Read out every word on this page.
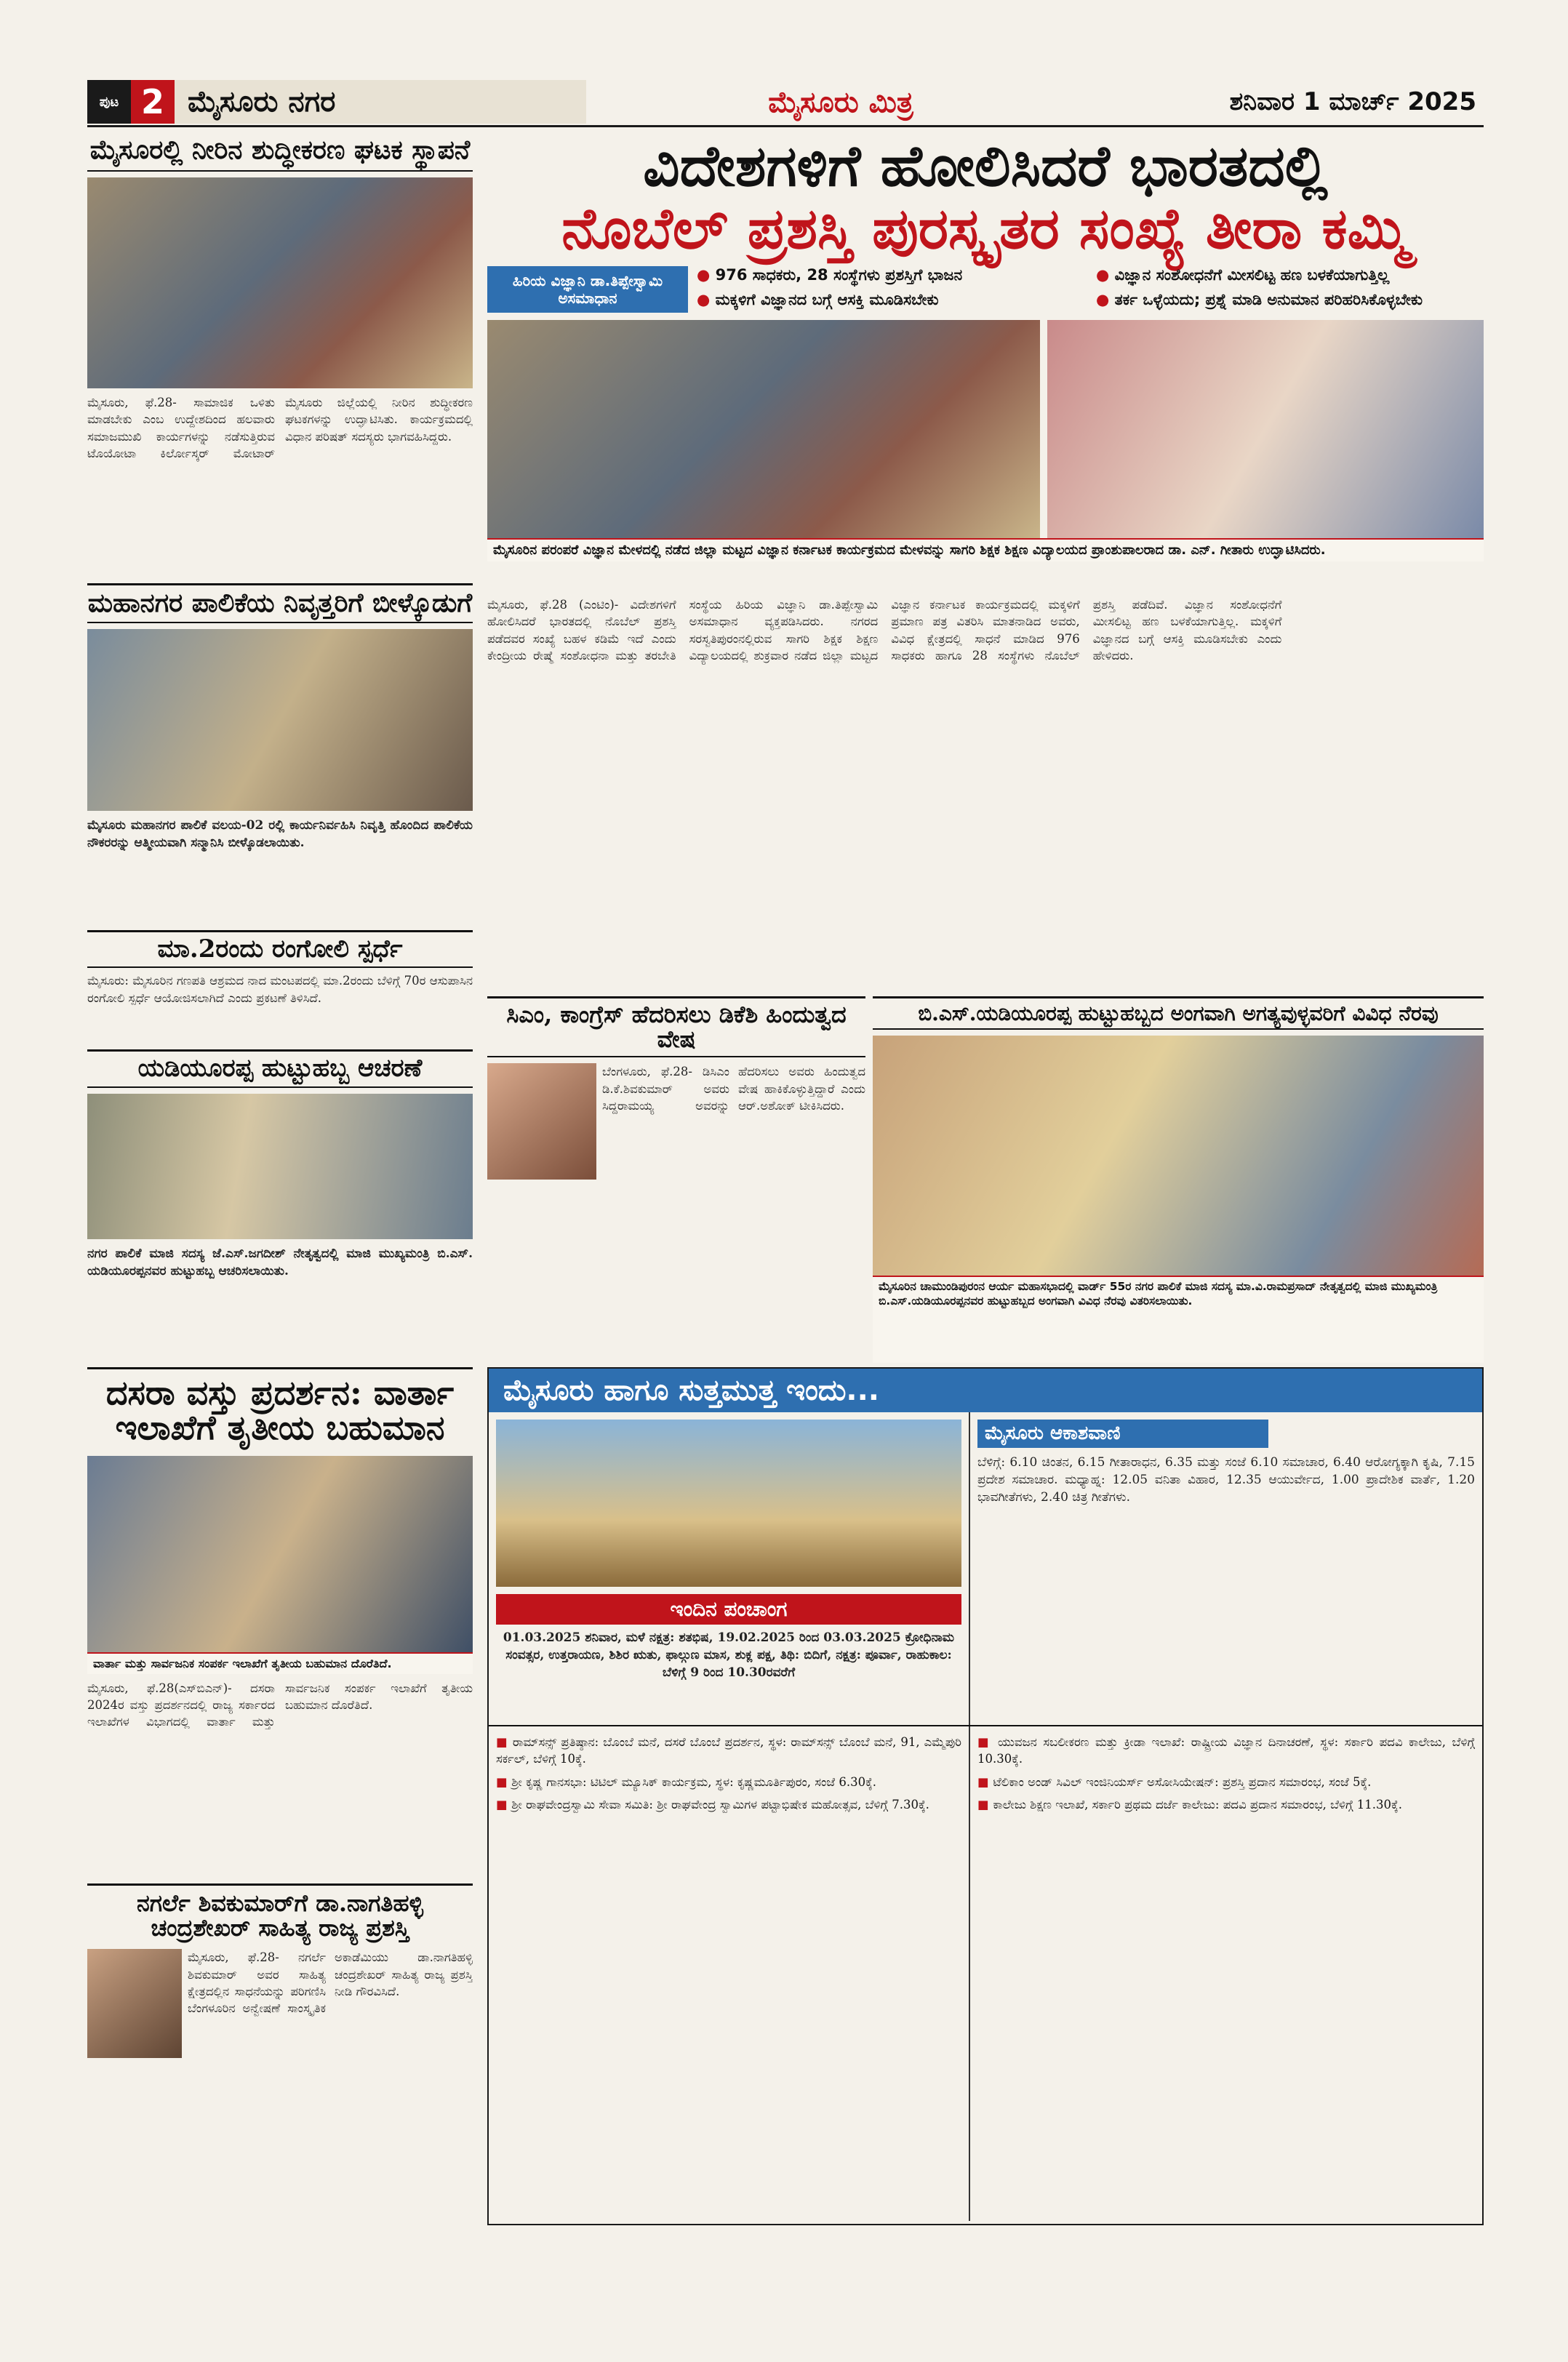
ಪುಟ 2 ಮೈಸೂರು ನಗರ	ಮೈಸೂರು ಮಿತ್ರ	ಶನಿವಾರ 1 ಮಾರ್ಚ್ 2025
ಮೈಸೂರಲ್ಲಿ ನೀರಿನ ಶುದ್ಧೀಕರಣ ಘಟಕ ಸ್ಥಾಪನೆ
ಮೈಸೂರು, ಫೆ.28- ಸಾಮಾಜಿಕ ಒಳಿತು ಮಾಡಬೇಕು ಎಂಬ ಉದ್ದೇಶದಿಂದ ಹಲವಾರು ಸಮಾಜಮುಖಿ ಕಾರ್ಯಗಳನ್ನು ನಡೆಸುತ್ತಿರುವ ಟೊಯೋಟಾ ಕಿರ್ಲೋಸ್ಕರ್ ಮೋಟಾರ್ ಮೈಸೂರು ಜಿಲ್ಲೆಯಲ್ಲಿ ನೀರಿನ ಶುದ್ಧೀಕರಣ ಘಟಕಗಳನ್ನು ಉದ್ಘಾಟಿಸಿತು. ಕಾರ್ಯಕ್ರಮದಲ್ಲಿ ವಿಧಾನ ಪರಿಷತ್ ಸದಸ್ಯರು ಭಾಗವಹಿಸಿದ್ದರು.
ಮಹಾನಗರ ಪಾಲಿಕೆಯ ನಿವೃತ್ತರಿಗೆ ಬೀಳ್ಕೊಡುಗೆ
ಮೈಸೂರು ಮಹಾನಗರ ಪಾಲಿಕೆ ವಲಯ-02 ರಲ್ಲಿ ಕಾರ್ಯನಿರ್ವಹಿಸಿ ನಿವೃತ್ತಿ ಹೊಂದಿದ ಪಾಲಿಕೆಯ ನೌಕರರನ್ನು ಆತ್ಮೀಯವಾಗಿ ಸನ್ಮಾನಿಸಿ ಬೀಳ್ಕೊಡಲಾಯಿತು.
ಮಾ.2ರಂದು ರಂಗೋಲಿ ಸ್ಪರ್ಧೆ
ಮೈಸೂರು: ಮೈಸೂರಿನ ಗಣಪತಿ ಆಶ್ರಮದ ನಾದ ಮಂಟಪದಲ್ಲಿ ಮಾ.2ರಂದು ಬೆಳಿಗ್ಗೆ 70ರ ಆಸುಪಾಸಿನ ರಂಗೋಲಿ ಸ್ಪರ್ಧೆ ಆಯೋಜಿಸಲಾಗಿದೆ ಎಂದು ಪ್ರಕಟಣೆ ತಿಳಿಸಿದೆ.
ಯಡಿಯೂರಪ್ಪ ಹುಟ್ಟುಹಬ್ಬ ಆಚರಣೆ
ನಗರ ಪಾಲಿಕೆ ಮಾಜಿ ಸದಸ್ಯ ಜೆ.ಎಸ್.ಜಗದೀಶ್ ನೇತೃತ್ವದಲ್ಲಿ ಮಾಜಿ ಮುಖ್ಯಮಂತ್ರಿ ಬಿ.ಎಸ್. ಯಡಿಯೂರಪ್ಪನವರ ಹುಟ್ಟುಹಬ್ಬ ಆಚರಿಸಲಾಯಿತು.
ವಿದೇಶಗಳಿಗೆ ಹೋಲಿಸಿದರೆ ಭಾರತದಲ್ಲಿ
ನೊಬೆಲ್ ಪ್ರಶಸ್ತಿ ಪುರಸ್ಕೃತರ ಸಂಖ್ಯೆ ತೀರಾ ಕಮ್ಮಿ
ಹಿರಿಯ ವಿಜ್ಞಾನಿ ಡಾ.ತಿಪ್ಪೇಸ್ವಾಮಿ ಅಸಮಾಧಾನ
● 976 ಸಾಧಕರು, 28 ಸಂಸ್ಥೆಗಳು ಪ್ರಶಸ್ತಿಗೆ ಭಾಜನ	● ವಿಜ್ಞಾನ ಸಂಶೋಧನೆಗೆ ಮೀಸಲಿಟ್ಟ ಹಣ ಬಳಕೆಯಾಗುತ್ತಿಲ್ಲ
● ಮಕ್ಕಳಿಗೆ ವಿಜ್ಞಾನದ ಬಗ್ಗೆ ಆಸಕ್ತಿ ಮೂಡಿಸಬೇಕು	● ತರ್ಕ ಒಳ್ಳೆಯದು; ಪ್ರಶ್ನೆ ಮಾಡಿ ಅನುಮಾನ ಪರಿಹರಿಸಿಕೊಳ್ಳಬೇಕು
ಮೈಸೂರಿನ ಪರಂಪರೆ ವಿಜ್ಞಾನ ಮೇಳದಲ್ಲಿ ನಡೆದ ಜಿಲ್ಲಾ ಮಟ್ಟದ ವಿಜ್ಞಾನ ಕರ್ನಾಟಕ ಕಾರ್ಯಕ್ರಮದ ಮೇಳವನ್ನು ಸಾಗರಿ ಶಿಕ್ಷಕ ಶಿಕ್ಷಣ ವಿದ್ಯಾಲಯದ ಪ್ರಾಂಶುಪಾಲರಾದ ಡಾ. ಎನ್. ಗೀತಾರು ಉದ್ಘಾಟಿಸಿದರು.
ಮೈಸೂರು, ಫೆ.28 (ಎಂಟಿಂ)- ವಿದೇಶಗಳಿಗೆ ಹೋಲಿಸಿದರೆ ಭಾರತದಲ್ಲಿ ನೊಬೆಲ್ ಪ್ರಶಸ್ತಿ ಪಡೆದವರ ಸಂಖ್ಯೆ ಬಹಳ ಕಡಿಮೆ ಇದೆ ಎಂದು ಕೇಂದ್ರೀಯ ರೇಷ್ಮೆ ಸಂಶೋಧನಾ ಮತ್ತು ತರಬೇತಿ ಸಂಸ್ಥೆಯ ಹಿರಿಯ ವಿಜ್ಞಾನಿ ಡಾ.ತಿಪ್ಪೇಸ್ವಾಮಿ ಅಸಮಾಧಾನ ವ್ಯಕ್ತಪಡಿಸಿದರು. ನಗರದ ಸರಸ್ವತಿಪುರಂನಲ್ಲಿರುವ ಸಾಗರಿ ಶಿಕ್ಷಕ ಶಿಕ್ಷಣ ವಿದ್ಯಾಲಯದಲ್ಲಿ ಶುಕ್ರವಾರ ನಡೆದ ಜಿಲ್ಲಾ ಮಟ್ಟದ ವಿಜ್ಞಾನ ಕರ್ನಾಟಕ ಕಾರ್ಯಕ್ರಮದಲ್ಲಿ ಮಕ್ಕಳಿಗೆ ಪ್ರಮಾಣ ಪತ್ರ ವಿತರಿಸಿ ಮಾತನಾಡಿದ ಅವರು, ವಿವಿಧ ಕ್ಷೇತ್ರದಲ್ಲಿ ಸಾಧನೆ ಮಾಡಿದ 976 ಸಾಧಕರು ಹಾಗೂ 28 ಸಂಸ್ಥೆಗಳು ನೊಬೆಲ್ ಪ್ರಶಸ್ತಿ ಪಡೆದಿವೆ. ವಿಜ್ಞಾನ ಸಂಶೋಧನೆಗೆ ಮೀಸಲಿಟ್ಟ ಹಣ ಬಳಕೆಯಾಗುತ್ತಿಲ್ಲ. ಮಕ್ಕಳಿಗೆ ವಿಜ್ಞಾನದ ಬಗ್ಗೆ ಆಸಕ್ತಿ ಮೂಡಿಸಬೇಕು ಎಂದು ಹೇಳಿದರು.
ಸಿಎಂ, ಕಾಂಗ್ರೆಸ್ ಹೆದರಿಸಲು ಡಿಕೆಶಿ ಹಿಂದುತ್ವದ ವೇಷ
ಬೆಂಗಳೂರು, ಫೆ.28- ಡಿಸಿಎಂ ಡಿ.ಕೆ.ಶಿವಕುಮಾರ್ ಅವರು ಸಿದ್ದರಾಮಯ್ಯ ಅವರನ್ನು ಹೆದರಿಸಲು ಅವರು ಹಿಂದುತ್ವದ ವೇಷ ಹಾಕಿಕೊಳ್ಳುತ್ತಿದ್ದಾರೆ ಎಂದು ಆರ್.ಅಶೋಕ್ ಟೀಕಿಸಿದರು.
ಬಿ.ಎಸ್.ಯಡಿಯೂರಪ್ಪ ಹುಟ್ಟುಹಬ್ಬದ ಅಂಗವಾಗಿ ಅಗತ್ಯವುಳ್ಳವರಿಗೆ ವಿವಿಧ ನೆರವು
ಮೈಸೂರಿನ ಚಾಮುಂಡಿಪುರಂನ ಆರ್ಯ ಮಹಾಸಭಾದಲ್ಲಿ ವಾರ್ಡ್ 55ರ ನಗರ ಪಾಲಿಕೆ ಮಾಜಿ ಸದಸ್ಯ ಮಾ.ವಿ.ರಾಮಪ್ರಸಾದ್ ನೇತೃತ್ವದಲ್ಲಿ ಮಾಜಿ ಮುಖ್ಯಮಂತ್ರಿ ಬಿ.ಎಸ್.ಯಡಿಯೂರಪ್ಪನವರ ಹುಟ್ಟುಹಬ್ಬದ ಅಂಗವಾಗಿ ವಿವಿಧ ನೆರವು ವಿತರಿಸಲಾಯಿತು.
ದಸರಾ ವಸ್ತು ಪ್ರದರ್ಶನ: ವಾರ್ತಾ
ಇಲಾಖೆಗೆ ತೃತೀಯ ಬಹುಮಾನ
ವಾರ್ತಾ ಮತ್ತು ಸಾರ್ವಜನಿಕ ಸಂಪರ್ಕ ಇಲಾಖೆಗೆ ತೃತೀಯ ಬಹುಮಾನ ದೊರೆತಿದೆ.
ಮೈಸೂರು, ಫೆ.28(ಎಸ್‌ಬಿಎನ್)- ದಸರಾ 2024ರ ವಸ್ತು ಪ್ರದರ್ಶನದಲ್ಲಿ ರಾಜ್ಯ ಸರ್ಕಾರದ ಇಲಾಖೆಗಳ ವಿಭಾಗದಲ್ಲಿ ವಾರ್ತಾ ಮತ್ತು ಸಾರ್ವಜನಿಕ ಸಂಪರ್ಕ ಇಲಾಖೆಗೆ ತೃತೀಯ ಬಹುಮಾನ ದೊರೆತಿದೆ.
ನಗರ್ಲೆ ಶಿವಕುಮಾರ್‌ಗೆ ಡಾ.ನಾಗತಿಹಳ್ಳಿ
ಚಂದ್ರಶೇಖರ್ ಸಾಹಿತ್ಯ ರಾಜ್ಯ ಪ್ರಶಸ್ತಿ
ಮೈಸೂರು, ಫೆ.28- ನಗರ್ಲೆ ಶಿವಕುಮಾರ್ ಅವರ ಸಾಹಿತ್ಯ ಕ್ಷೇತ್ರದಲ್ಲಿನ ಸಾಧನೆಯನ್ನು ಪರಿಗಣಿಸಿ ಬೆಂಗಳೂರಿನ ಅನ್ವೇಷಣೆ ಸಾಂಸ್ಕೃತಿಕ ಅಕಾಡೆಮಿಯು ಡಾ.ನಾಗತಿಹಳ್ಳಿ ಚಂದ್ರಶೇಖರ್ ಸಾಹಿತ್ಯ ರಾಜ್ಯ ಪ್ರಶಸ್ತಿ ನೀಡಿ ಗೌರವಿಸಿದೆ.
ಮೈಸೂರು ಹಾಗೂ ಸುತ್ತಮುತ್ತ ಇಂದು...
ಇಂದಿನ ಪಂಚಾಂಗ
01.03.2025 ಶನಿವಾರ, ಮಳೆ ನಕ್ಷತ್ರ: ಶತಭಿಷ, 19.02.2025 ರಿಂದ 03.03.2025 ಕ್ರೋಧಿನಾಮ ಸಂವತ್ಸರ, ಉತ್ತರಾಯಣ, ಶಿಶಿರ ಋತು, ಫಾಲ್ಗುಣ ಮಾಸ, ಶುಕ್ಲ ಪಕ್ಷ, ತಿಥಿ: ಬಿದಿಗೆ, ನಕ್ಷತ್ರ: ಪೂರ್ವಾ, ರಾಹುಕಾಲ: ಬೆಳಿಗ್ಗೆ 9 ರಿಂದ 10.30ರವರೆಗೆ
ಮೈಸೂರು ಆಕಾಶವಾಣಿ
ಬೆಳಿಗ್ಗೆ: 6.10 ಚಿಂತನ, 6.15 ಗೀತಾರಾಧನ, 6.35 ಮತ್ತು ಸಂಜೆ 6.10 ಸಮಾಚಾರ, 6.40 ಆರೋಗ್ಯಕ್ಕಾಗಿ ಕೃಷಿ, 7.15 ಪ್ರದೇಶ ಸಮಾಚಾರ. ಮಧ್ಯಾಹ್ನ: 12.05 ವನಿತಾ ವಿಹಾರ, 12.35 ಆಯುರ್ವೇದ, 1.00 ಪ್ರಾದೇಶಿಕ ವಾರ್ತೆ, 1.20 ಭಾವಗೀತೆಗಳು, 2.40 ಚಿತ್ರ ಗೀತೆಗಳು.
■ ರಾಮ್‌ಸನ್ಸ್ ಪ್ರತಿಷ್ಠಾನ: ಬೊಂಬೆ ಮನೆ, ದಸರೆ ಬೊಂಬೆ ಪ್ರದರ್ಶನ, ಸ್ಥಳ: ರಾಮ್‌ಸನ್ಸ್ ಬೊಂಬೆ ಮನೆ, 91, ಎಮ್ಮೆಪುರಿ ಸರ್ಕಲ್, ಬೆಳಿಗ್ಗೆ 10ಕ್ಕೆ.
■ ಶ್ರೀ ಕೃಷ್ಣ ಗಾನಸಭಾ: ಟಿಟಿಲ್ ಮ್ಯೂಸಿಕ್ ಕಾರ್ಯಕ್ರಮ, ಸ್ಥಳ: ಕೃಷ್ಣಮೂರ್ತಿಪುರಂ, ಸಂಜೆ 6.30ಕ್ಕೆ.
■ ಶ್ರೀ ರಾಘವೇಂದ್ರಸ್ವಾಮಿ ಸೇವಾ ಸಮಿತಿ: ಶ್ರೀ ರಾಘವೇಂದ್ರ ಸ್ವಾಮಿಗಳ ಪಟ್ಟಾಭಿಷೇಕ ಮಹೋತ್ಸವ, ಬೆಳಿಗ್ಗೆ 7.30ಕ್ಕೆ.
■ ಯುವಜನ ಸಬಲೀಕರಣ ಮತ್ತು ಕ್ರೀಡಾ ಇಲಾಖೆ: ರಾಷ್ಟ್ರೀಯ ವಿಜ್ಞಾನ ದಿನಾಚರಣೆ, ಸ್ಥಳ: ಸರ್ಕಾರಿ ಪದವಿ ಕಾಲೇಜು, ಬೆಳಿಗ್ಗೆ 10.30ಕ್ಕೆ.
■ ಟೆಲಿಕಾಂ ಅಂಡ್ ಸಿವಿಲ್ ಇಂಜಿನಿಯರ್ಸ್ ಅಸೋಸಿಯೇಷನ್: ಪ್ರಶಸ್ತಿ ಪ್ರದಾನ ಸಮಾರಂಭ, ಸಂಜೆ 5ಕ್ಕೆ.
■ ಕಾಲೇಜು ಶಿಕ್ಷಣ ಇಲಾಖೆ, ಸರ್ಕಾರಿ ಪ್ರಥಮ ದರ್ಜೆ ಕಾಲೇಜು: ಪದವಿ ಪ್ರದಾನ ಸಮಾರಂಭ, ಬೆಳಿಗ್ಗೆ 11.30ಕ್ಕೆ.
